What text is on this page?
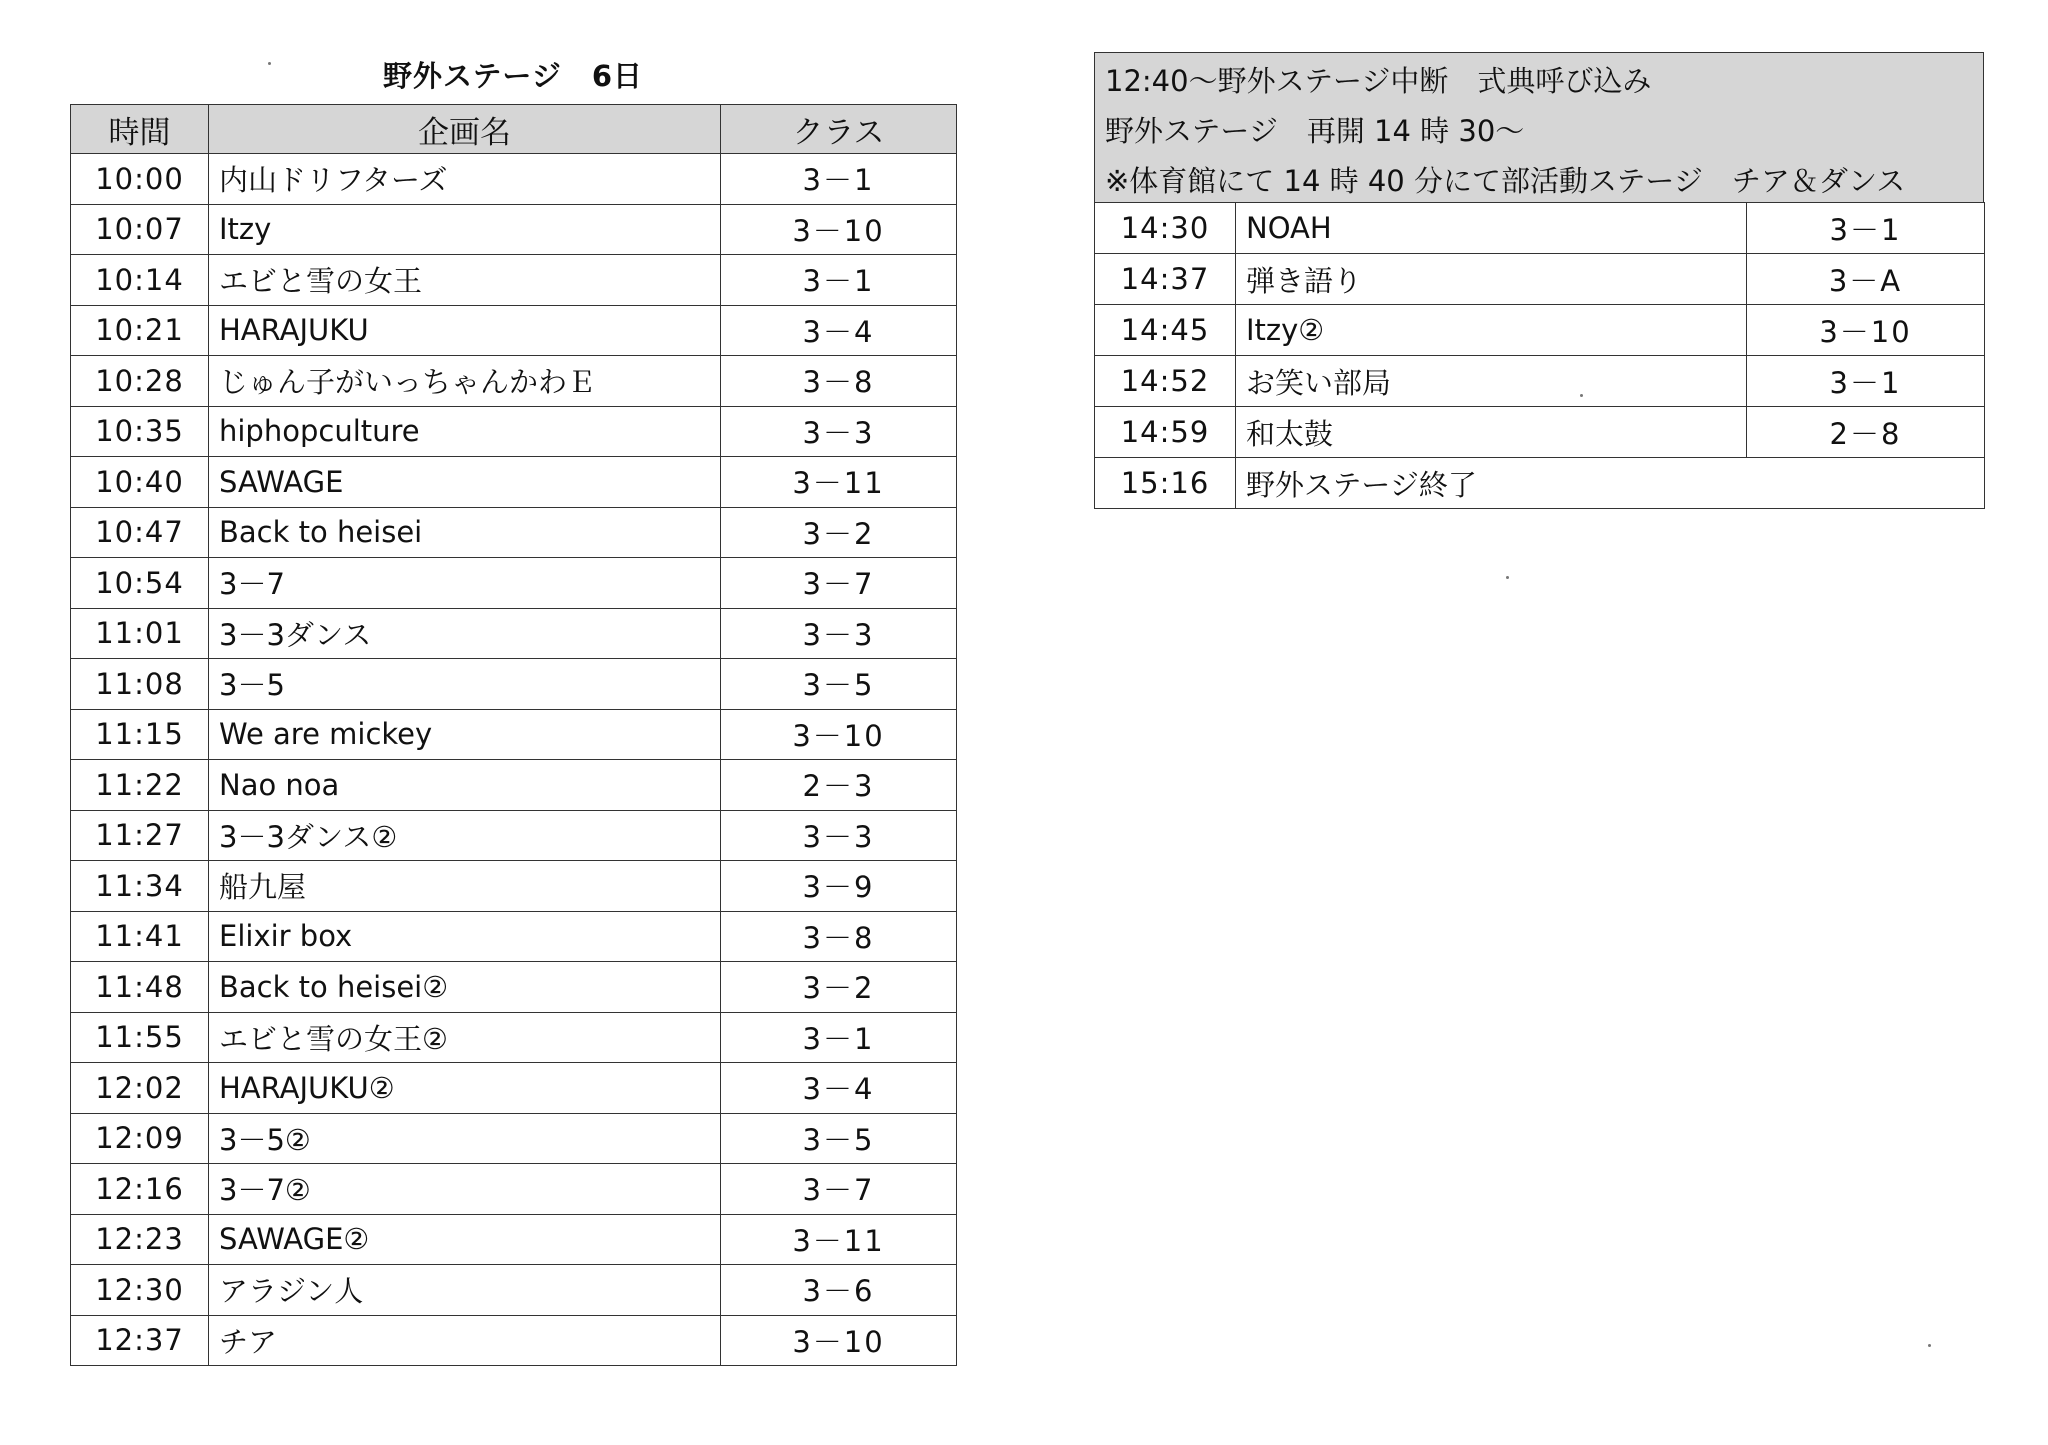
野外ステージ　6日
時間	企画名	クラス
10:00	内山ドリフターズ	3－1
10:07	Itzy	3－10
10:14	エビと雪の女王	3－1
10:21	HARAJUKU	3－4
10:28	じゅん子がいっちゃんかわＥ	3－8
10:35	hiphopculture	3－3
10:40	SAWAGE	3－11
10:47	Back to heisei	3－2
10:54	3－7	3－7
11:01	3－3ダンス	3－3
11:08	3－5	3－5
11:15	We are mickey	3－10
11:22	Nao noa	2－3
11:27	3－3ダンス②	3－3
11:34	船九屋	3－9
11:41	Elixir box	3－8
11:48	Back to heisei②	3－2
11:55	エビと雪の女王②	3－1
12:02	HARAJUKU②	3－4
12:09	3－5②	3－5
12:16	3－7②	3－7
12:23	SAWAGE②	3－11
12:30	アラジン人	3－6
12:37	チア	3－10
12:40～野外ステージ中断　式典呼び込み
野外ステージ　再開 14 時 30～
※体育館にて 14 時 40 分にて部活動ステージ　チア＆ダンス
14:30	NOAH	3－1
14:37	弾き語り	3－A
14:45	Itzy②	3－10
14:52	お笑い部局	3－1
14:59	和太鼓	2－8
15:16	野外ステージ終了	
